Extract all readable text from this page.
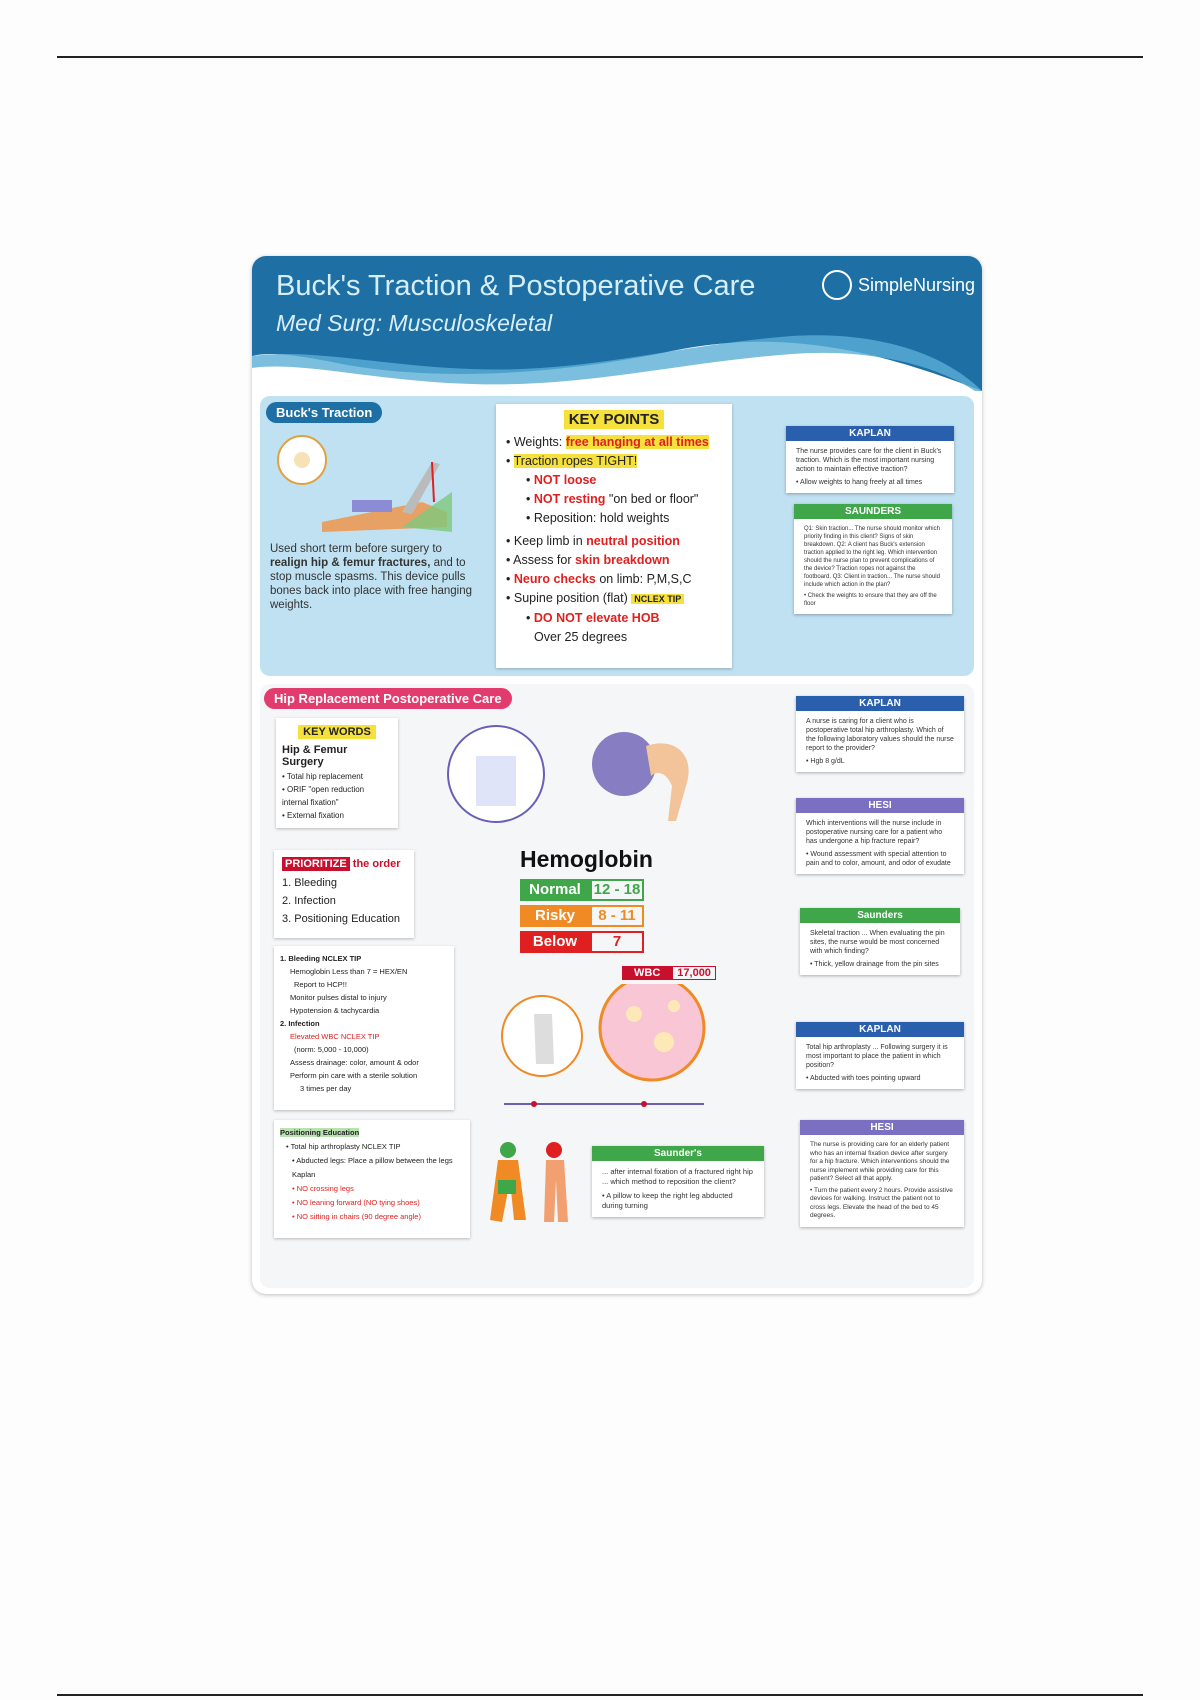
Buck's Traction & Postoperative Care
Med Surg: Musculoskeletal
SimpleNursing
Buck's Traction
Used short term before surgery to realign hip & femur fractures, and to stop muscle spasms. This device pulls bones back into place with free hanging weights.
KEY POINTS
• Weights: free hanging at all times
• Traction ropes TIGHT!
• NOT loose
• NOT resting "on bed or floor"
• Reposition: hold weights
• Keep limb in neutral position
• Assess for skin breakdown
• Neuro checks on limb: P,M,S,C
• Supine position (flat) NCLEX TIP
• DO NOT elevate HOB
Over 25 degrees
KAPLAN
The nurse provides care for the client in Buck's traction. Which is the most important nursing action to maintain effective traction?
• Allow weights to hang freely at all times
SAUNDERS
Q1: Skin traction... The nurse should monitor which priority finding in this client? Signs of skin breakdown. Q2: A client has Buck's extension traction applied to the right leg. Which intervention should the nurse plan to prevent complications of the device? Traction ropes not against the footboard. Q3: Client in traction... The nurse should include which action in the plan?
• Check the weights to ensure that they are off the floor
Hip Replacement Postoperative Care
KEY WORDS
Hip & Femur Surgery
• Total hip replacement
• ORIF "open reduction internal fixation"
• External fixation
PRIORITIZE the order
1. Bleeding
2. Infection
3. Positioning Education
Hemoglobin
Normal 12 - 18
Risky	8 - 11
Below	7
1. Bleeding NCLEX TIP
Hemoglobin Less than 7 = HEX/EN
Report to HCP!!
Monitor pulses distal to injury
Hypotension & tachycardia
2. Infection
Elevated WBC NCLEX TIP
(norm: 5,000 - 10,000)
Assess drainage: color, amount & odor
Perform pin care with a sterile solution
3 times per day
WBC	17,000
Positioning Education
• Total hip arthroplasty NCLEX TIP
• Abducted legs: Place a pillow between the legs Kaplan
• NO crossing legs
• NO leaning forward (NO tying shoes)
• NO sitting in chairs (90 degree angle)
Saunder's
... after internal fixation of a fractured right hip ... which method to reposition the client?
• A pillow to keep the right leg abducted during turning
KAPLAN
A nurse is caring for a client who is postoperative total hip arthroplasty. Which of the following laboratory values should the nurse report to the provider?
• Hgb 8 g/dL
HESI
Which interventions will the nurse include in postoperative nursing care for a patient who has undergone a hip fracture repair?
• Wound assessment with special attention to pain and to color, amount, and odor of exudate
Saunders
Skeletal traction ... When evaluating the pin sites, the nurse would be most concerned with which finding?
• Thick, yellow drainage from the pin sites
KAPLAN
Total hip arthroplasty ... Following surgery it is most important to place the patient in which position?
• Abducted with toes pointing upward
HESI
The nurse is providing care for an elderly patient who has an internal fixation device after surgery for a hip fracture. Which interventions should the nurse implement while providing care for this patient? Select all that apply.
• Turn the patient every 2 hours. Provide assistive devices for walking. Instruct the patient not to cross legs. Elevate the head of the bed to 45 degrees.
